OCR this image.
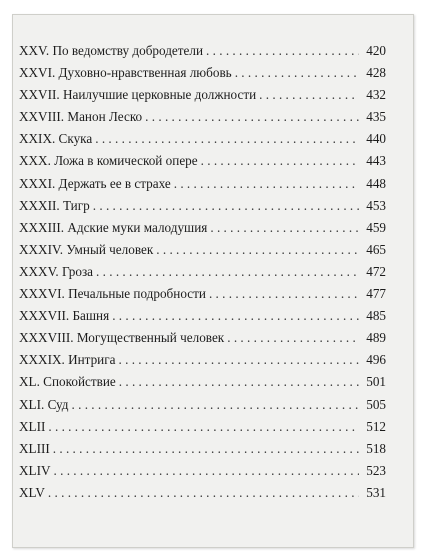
XXV. По ведомству добродетели . . .	420
XXVI. Духовно-нравственная любовь . . .	428
XXVII. Наилучшие церковные должности . . .	432
XXVIII. Манон Леско . . .	435
XXIX. Скука . . .	440
XXX. Ложа в комической опере . . .	443
XXXI. Держать ее в страхе . . .	448
XXXII. Тигр . . .	453
XXXIII. Адские муки малодушия . . .	459
XXXIV. Умный человек . . .	465
XXXV. Гроза . . .	472
XXXVI. Печальные подробности . . .	477
XXXVII. Башня . . .	485
XXXVIII. Могущественный человек . . .	489
XXXIX. Интрига . . .	496
XL. Спокойствие . . .	501
XLI. Суд . . .	505
XLII . . .	512
XLIII . . .	518
XLIV . . .	523
XLV . . .	531
